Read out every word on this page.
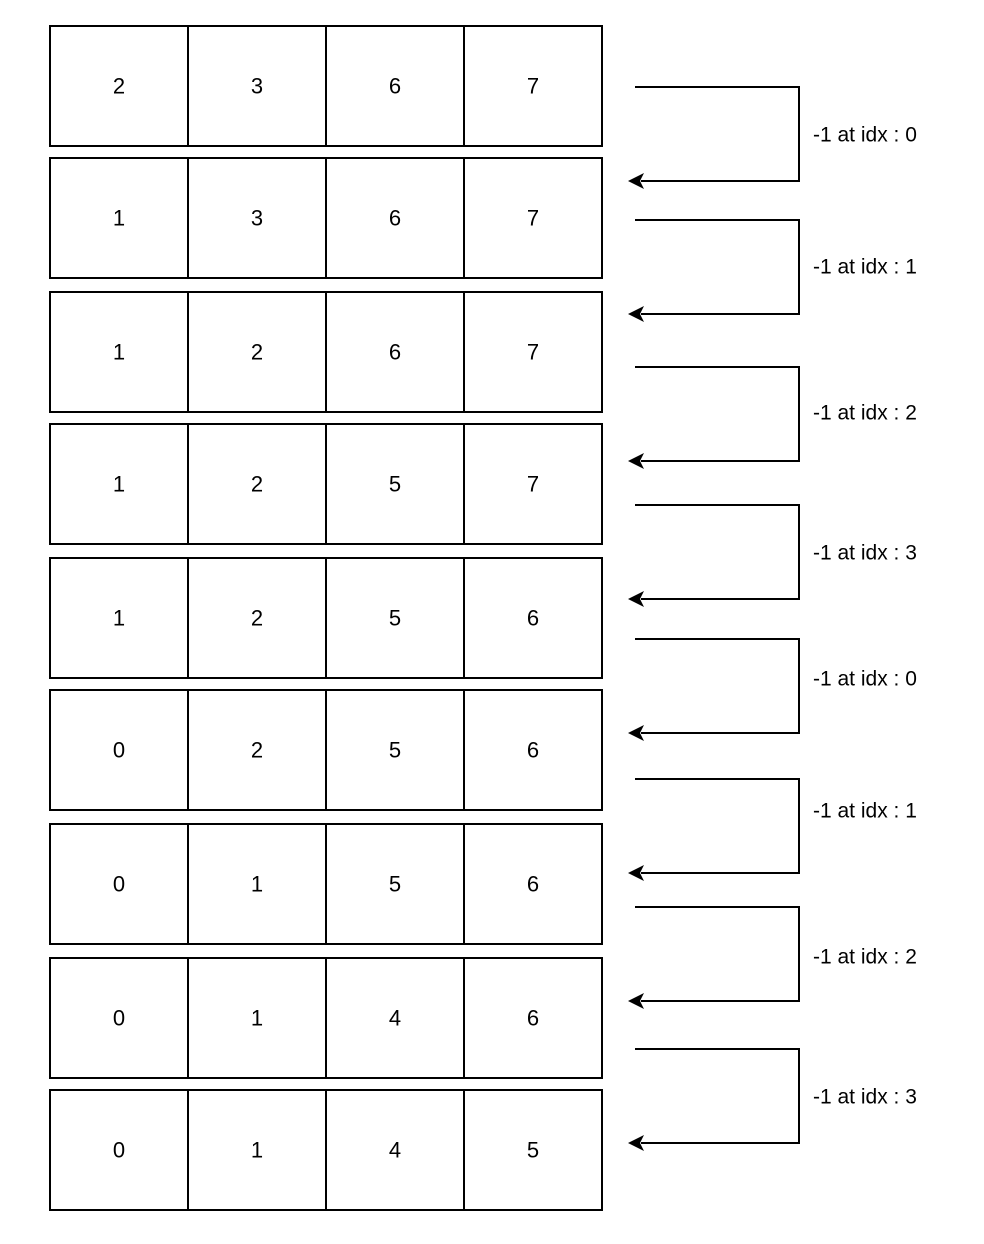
2	3	6	7
1	3	6	7
1	2	6	7
1	2	5	7
1	2	5	6
0	2	5	6
0	1	5	6
0	1	4	6
0	1	4	5
-1 at idx : 0
-1 at idx : 1
-1 at idx : 2
-1 at idx : 3
-1 at idx : 0
-1 at idx : 1
-1 at idx : 2
-1 at idx : 3
